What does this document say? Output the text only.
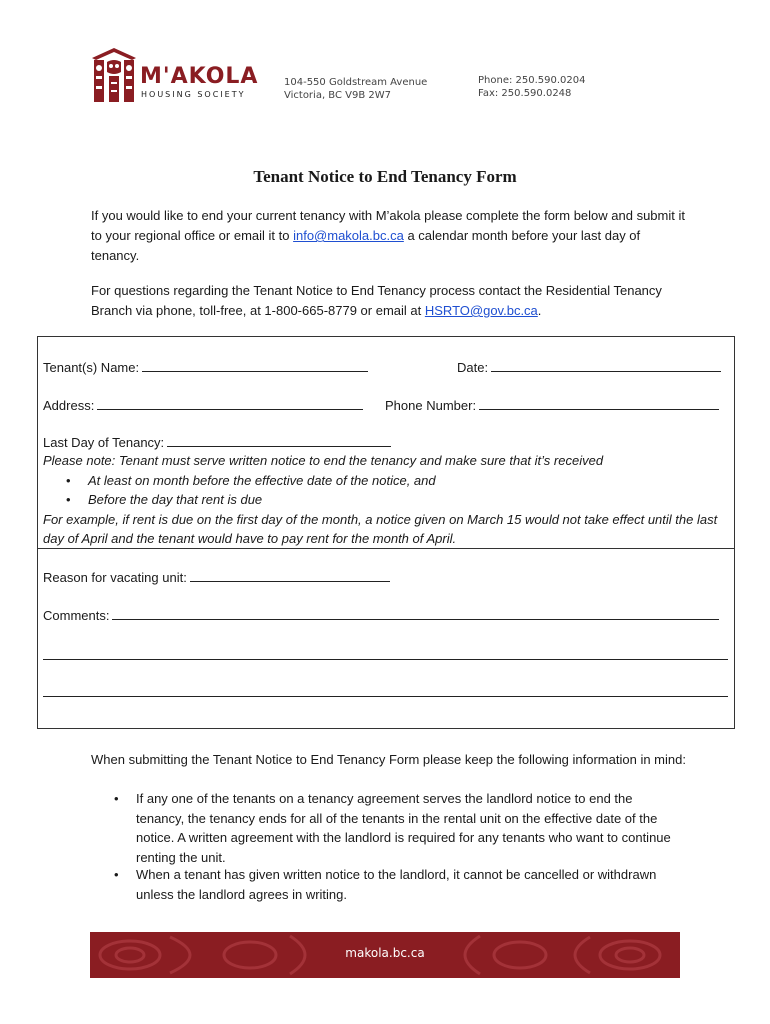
M'AKOLA
HOUSING SOCIETY
104-550 Goldstream Avenue
Victoria, BC V9B 2W7
Phone: 250.590.0204
Fax: 250.590.0248
Tenant Notice to End Tenancy Form
If you would like to end your current tenancy with M’akola please complete the form below and submit it to your regional office or email it to info@makola.bc.ca a calendar month before your last day of tenancy.
For questions regarding the Tenant Notice to End Tenancy process contact the Residential Tenancy Branch via phone, toll-free, at 1-800-665-8779 or email at HSRTO@gov.bc.ca.
Tenant(s) Name:	Date:
Address:	Phone Number:
Last Day of Tenancy:
Please note: Tenant must serve written notice to end the tenancy and make sure that it’s received
• At least on month before the effective date of the notice, and
• Before the day that rent is due
For example, if rent is due on the first day of the month, a notice given on March 15 would not take effect until the last day of April and the tenant would have to pay rent for the month of April.
Reason for vacating unit:
Comments:
When submitting the Tenant Notice to End Tenancy Form please keep the following information in mind:
• If any one of the tenants on a tenancy agreement serves the landlord notice to end the tenancy, the tenancy ends for all of the tenants in the rental unit on the effective date of the notice. A written agreement with the landlord is required for any tenants who want to continue renting the unit.
• When a tenant has given written notice to the landlord, it cannot be cancelled or withdrawn unless the landlord agrees in writing.
makola.bc.ca
